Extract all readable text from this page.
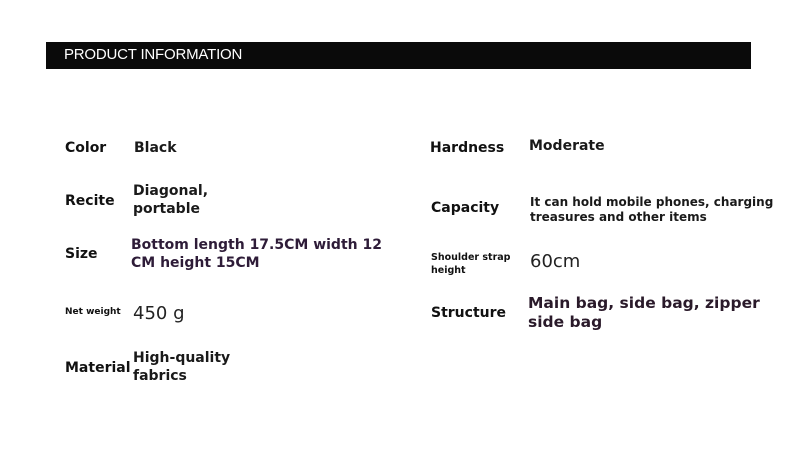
PRODUCT INFORMATION
Color Black
Recite
Diagonal,
portable
Size
Bottom length 17.5CM width 12
CM height 15CM
Net weight 450 g
Material
High-quality
fabrics
Hardness Moderate
Capacity	It can hold mobile phones, charging
treasures and other items
Shoulder strap
height	60cm
Structure
Main bag, side bag, zipper
side bag
